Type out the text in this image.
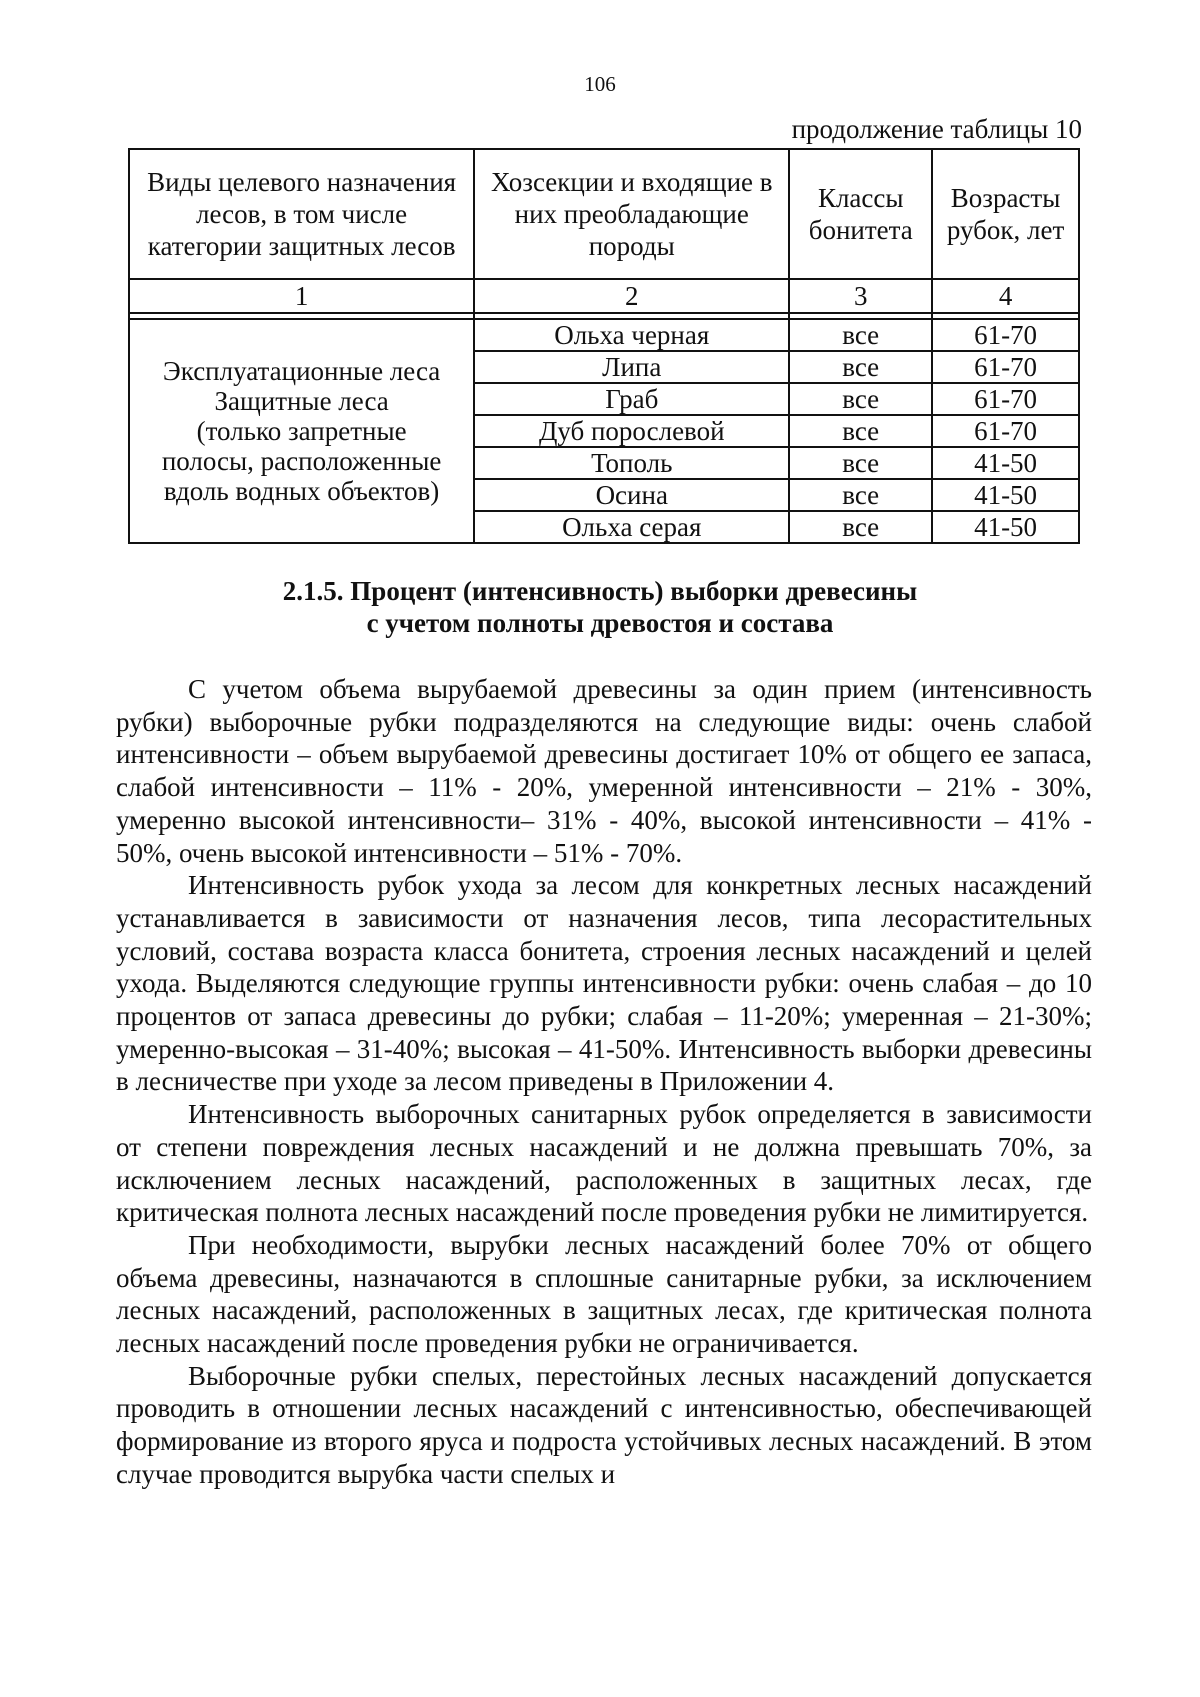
106
продолжение таблицы 10
Виды целевого назначения лесов, в том числе категории защитных лесов	Хозсекции и входящие в них преобладающие породы	Классы бонитета	Возрасты рубок, лет
1	2	3	4

Эксплуатационные леса
Защитные леса
(только запретные
полосы, расположенные
вдоль водных объектов)	Ольха черная	все	61-70
	Липа	все	61-70
	Граб	все	61-70
	Дуб порослевой	все	61-70
	Тополь	все	41-50
	Осина	все	41-50
	Ольха серая	все	41-50
2.1.5. Процент (интенсивность) выборки древесины
с учетом полноты древостоя и состава

С учетом объема вырубаемой древесины за один прием (интенсивность рубки) выборочные рубки подразделяются на следующие виды: очень слабой интенсивности – объем вырубаемой древесины достигает 10% от общего ее запаса, слабой интенсивности – 11% - 20%, умеренной интенсивности – 21% - 30%, умеренно высокой интенсивности– 31% - 40%, высокой интенсивности – 41% - 50%, очень высокой интенсивности – 51% - 70%.

Интенсивность рубок ухода за лесом для конкретных лесных насаждений устанавливается в зависимости от назначения лесов, типа лесорастительных условий, состава возраста класса бонитета, строения лесных насаждений и целей ухода. Выделяются следующие группы интенсивности рубки: очень слабая – до 10 процентов от запаса древесины до рубки; слабая – 11-20%; умеренная – 21-30%; умеренно-высокая – 31-40%; высокая – 41-50%. Интенсивность выборки древесины в лесничестве при уходе за лесом приведены в Приложении 4.

Интенсивность выборочных санитарных рубок определяется в зависимости от степени повреждения лесных насаждений и не должна превышать 70%, за исключением лесных насаждений, расположенных в защитных лесах, где критическая полнота лесных насаждений после проведения рубки не лимитируется.

При необходимости, вырубки лесных насаждений более 70% от общего объема древесины, назначаются в сплошные санитарные рубки, за исключением лесных насаждений, расположенных в защитных лесах, где критическая полнота лесных насаждений после проведения рубки не ограничивается.

Выборочные рубки спелых, перестойных лесных насаждений допускается проводить в отношении лесных насаждений с интенсивностью, обеспечивающей формирование из второго яруса и подроста устойчивых лесных насаждений. В этом случае проводится вырубка части спелых и
